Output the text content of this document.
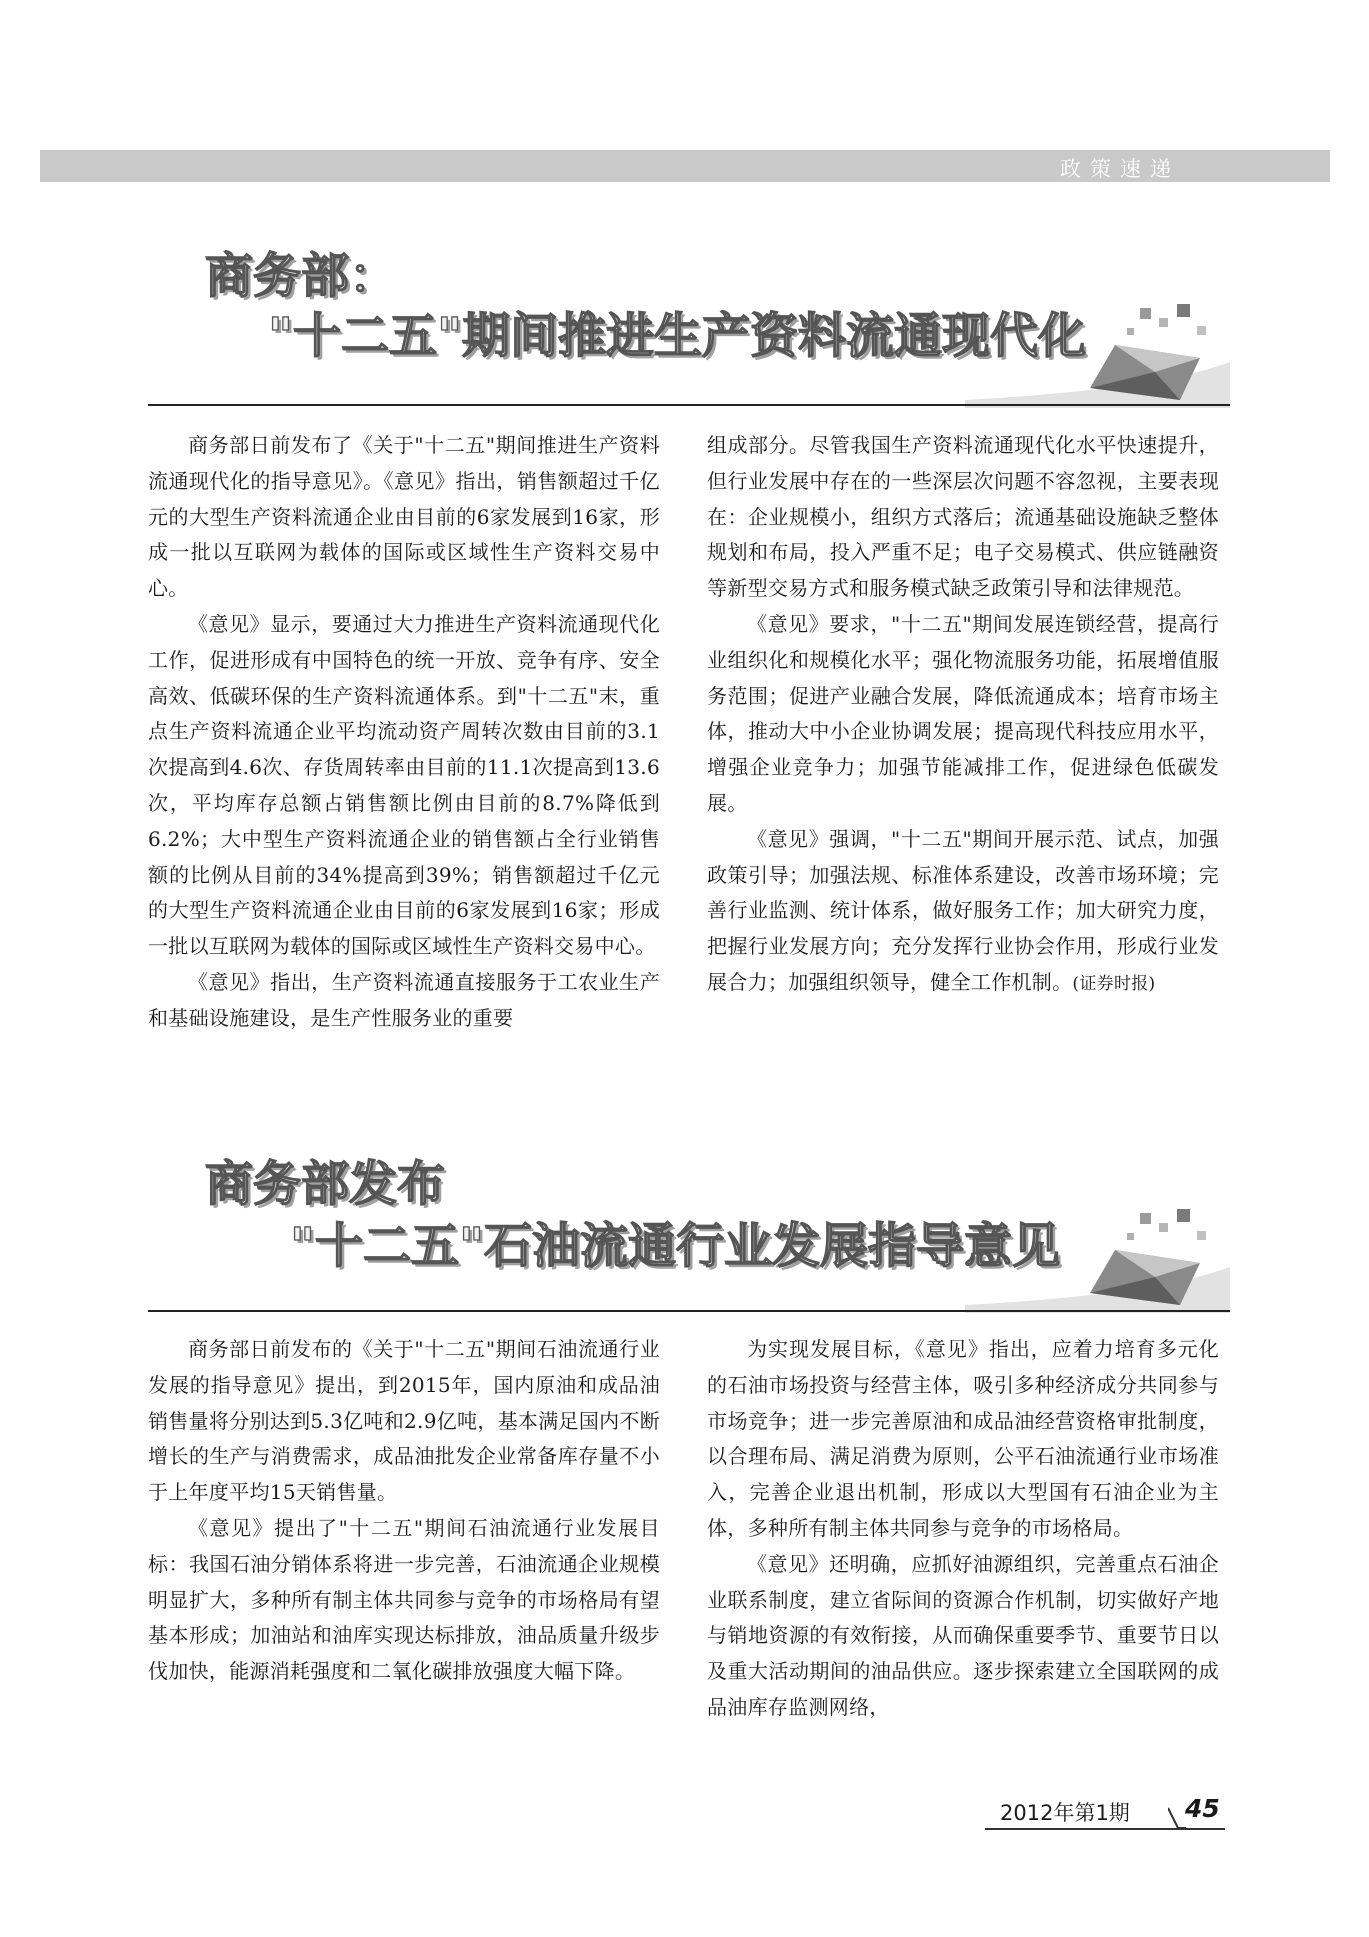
政策速递
商务部：
"十二五"期间推进生产资料流通现代化

商务部日前发布了《关于"十二五"期间推进生产资料流通现代化的指导意见》。《意见》指出，销售额超过千亿元的大型生产资料流通企业由目前的6家发展到16家，形成一批以互联网为载体的国际或区域性生产资料交易中心。

《意见》显示，要通过大力推进生产资料流通现代化工作，促进形成有中国特色的统一开放、竞争有序、安全高效、低碳环保的生产资料流通体系。到"十二五"末，重点生产资料流通企业平均流动资产周转次数由目前的3.1次提高到4.6次、存货周转率由目前的11.1次提高到13.6次，平均库存总额占销售额比例由目前的8.7%降低到6.2%；大中型生产资料流通企业的销售额占全行业销售额的比例从目前的34%提高到39%；销售额超过千亿元的大型生产资料流通企业由目前的6家发展到16家；形成一批以互联网为载体的国际或区域性生产资料交易中心。

《意见》指出，生产资料流通直接服务于工农业生产和基础设施建设，是生产性服务业的重要

组成部分。尽管我国生产资料流通现代化水平快速提升，但行业发展中存在的一些深层次问题不容忽视，主要表现在：企业规模小，组织方式落后；流通基础设施缺乏整体规划和布局，投入严重不足；电子交易模式、供应链融资等新型交易方式和服务模式缺乏政策引导和法律规范。

《意见》要求，"十二五"期间发展连锁经营，提高行业组织化和规模化水平；强化物流服务功能，拓展增值服务范围；促进产业融合发展，降低流通成本；培育市场主体，推动大中小企业协调发展；提高现代科技应用水平，增强企业竞争力；加强节能减排工作，促进绿色低碳发展。

《意见》强调，"十二五"期间开展示范、试点，加强政策引导；加强法规、标准体系建设，改善市场环境；完善行业监测、统计体系，做好服务工作；加大研究力度，把握行业发展方向；充分发挥行业协会作用，形成行业发展合力；加强组织领导，健全工作机制。(证券时报)

商务部发布
"十二五"石油流通行业发展指导意见

商务部日前发布的《关于"十二五"期间石油流通行业发展的指导意见》提出，到2015年，国内原油和成品油销售量将分别达到5.3亿吨和2.9亿吨，基本满足国内不断增长的生产与消费需求，成品油批发企业常备库存量不小于上年度平均15天销售量。

《意见》提出了"十二五"期间石油流通行业发展目标：我国石油分销体系将进一步完善，石油流通企业规模明显扩大，多种所有制主体共同参与竞争的市场格局有望基本形成；加油站和油库实现达标排放，油品质量升级步伐加快，能源消耗强度和二氧化碳排放强度大幅下降。

为实现发展目标，《意见》指出，应着力培育多元化的石油市场投资与经营主体，吸引多种经济成分共同参与市场竞争；进一步完善原油和成品油经营资格审批制度，以合理布局、满足消费为原则，公平石油流通行业市场准入，完善企业退出机制，形成以大型国有石油企业为主体，多种所有制主体共同参与竞争的市场格局。

《意见》还明确，应抓好油源组织，完善重点石油企业联系制度，建立省际间的资源合作机制，切实做好产地与销地资源的有效衔接，从而确保重要季节、重要节日以及重大活动期间的油品供应。逐步探索建立全国联网的成品油库存监测网络，

2012年第1期 45
